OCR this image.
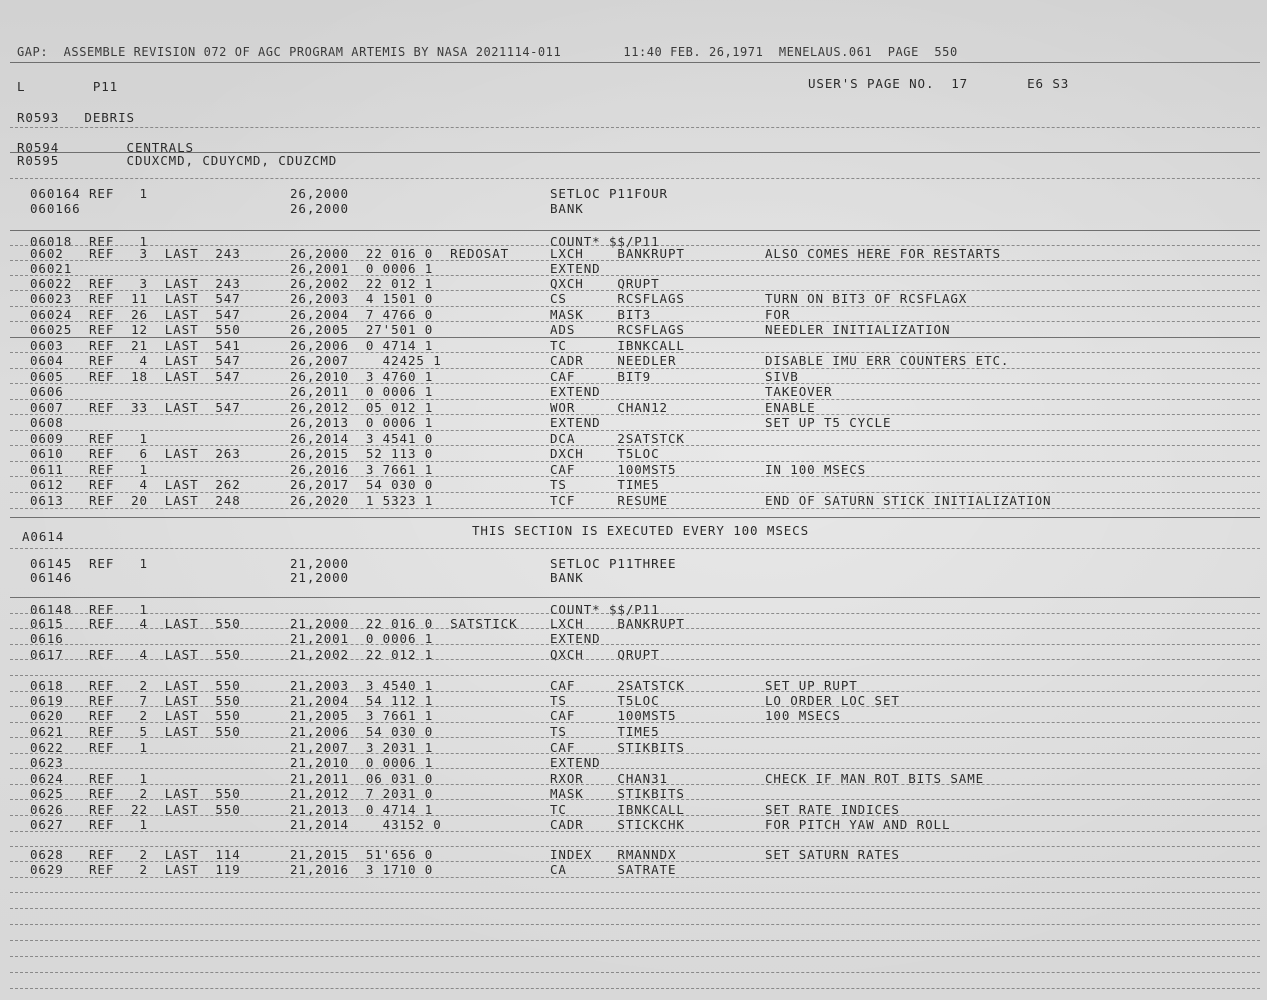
GAP:  ASSEMBLE REVISION 072 OF AGC PROGRAM ARTEMIS BY NASA 2021114-011        11:40 FEB. 26,1971  MENELAUS.061  PAGE  550
L        P11	USER'S PAGE NO.  17       E6 S3
R0593   DEBRIS
R0594        CENTRALS
R0595        CDUXCMD, CDUYCMD, CDUZCMD
A0614	THIS SECTION IS EXECUTED EVERY 100 MSECS
060164 REF   1	26,2000	SETLOC P11FOUR
060166	26,2000	BANK
06018  REF   1	COUNT* $$/P11
0602   REF   3  LAST  243	26,2000  22 016 0  REDOSAT	LXCH    BANKRUPT	ALSO COMES HERE FOR RESTARTS
06021	26,2001  0 0006 1	EXTEND
06022  REF   3  LAST  243	26,2002  22 012 1	QXCH    QRUPT
06023  REF  11  LAST  547	26,2003  4 1501 0	CS      RCSFLAGS	TURN ON BIT3 OF RCSFLAGX
06024  REF  26  LAST  547	26,2004  7 4766 0	MASK    BIT3	FOR
06025  REF  12  LAST  550	26,2005  27'501 0	ADS     RCSFLAGS	NEEDLER INITIALIZATION
0603   REF  21  LAST  541	26,2006  0 4714 1	TC      IBNKCALL
0604   REF   4  LAST  547	26,2007    42425 1	CADR    NEEDLER	DISABLE IMU ERR COUNTERS ETC.
0605   REF  18  LAST  547	26,2010  3 4760 1	CAF     BIT9	SIVB
0606	26,2011  0 0006 1	EXTEND	TAKEOVER
0607   REF  33  LAST  547	26,2012  05 012 1	WOR     CHAN12	ENABLE
0608	26,2013  0 0006 1	EXTEND	SET UP T5 CYCLE
0609   REF   1	26,2014  3 4541 0	DCA     2SATSTCK
0610   REF   6  LAST  263	26,2015  52 113 0	DXCH    T5LOC
0611   REF   1	26,2016  3 7661 1	CAF     100MST5	IN 100 MSECS
0612   REF   4  LAST  262	26,2017  54 030 0	TS      TIME5
0613   REF  20  LAST  248	26,2020  1 5323 1	TCF     RESUME	END OF SATURN STICK INITIALIZATION
06145  REF   1	21,2000	SETLOC P11THREE
06146	21,2000	BANK
06148  REF   1	COUNT* $$/P11
0615   REF   4  LAST  550	21,2000  22 016 0  SATSTICK	LXCH    BANKRUPT
0616	21,2001  0 0006 1	EXTEND
0617   REF   4  LAST  550	21,2002  22 012 1	QXCH    QRUPT
0618   REF   2  LAST  550	21,2003  3 4540 1	CAF     2SATSTCK	SET UP RUPT
0619   REF   7  LAST  550	21,2004  54 112 1	TS      T5LOC	LO ORDER LOC SET
0620   REF   2  LAST  550	21,2005  3 7661 1	CAF     100MST5	100 MSECS
0621   REF   5  LAST  550	21,2006  54 030 0	TS      TIME5
0622   REF   1	21,2007  3 2031 1	CAF     STIKBITS
0623	21,2010  0 0006 1	EXTEND
0624   REF   1	21,2011  06 031 0	RXOR    CHAN31	CHECK IF MAN ROT BITS SAME
0625   REF   2  LAST  550	21,2012  7 2031 0	MASK    STIKBITS
0626   REF  22  LAST  550	21,2013  0 4714 1	TC      IBNKCALL	SET RATE INDICES
0627   REF   1	21,2014    43152 0	CADR    STICKCHK	FOR PITCH YAW AND ROLL
0628   REF   2  LAST  114	21,2015  51'656 0	INDEX   RMANNDX	SET SATURN RATES
0629   REF   2  LAST  119	21,2016  3 1710 0	CA      SATRATE
